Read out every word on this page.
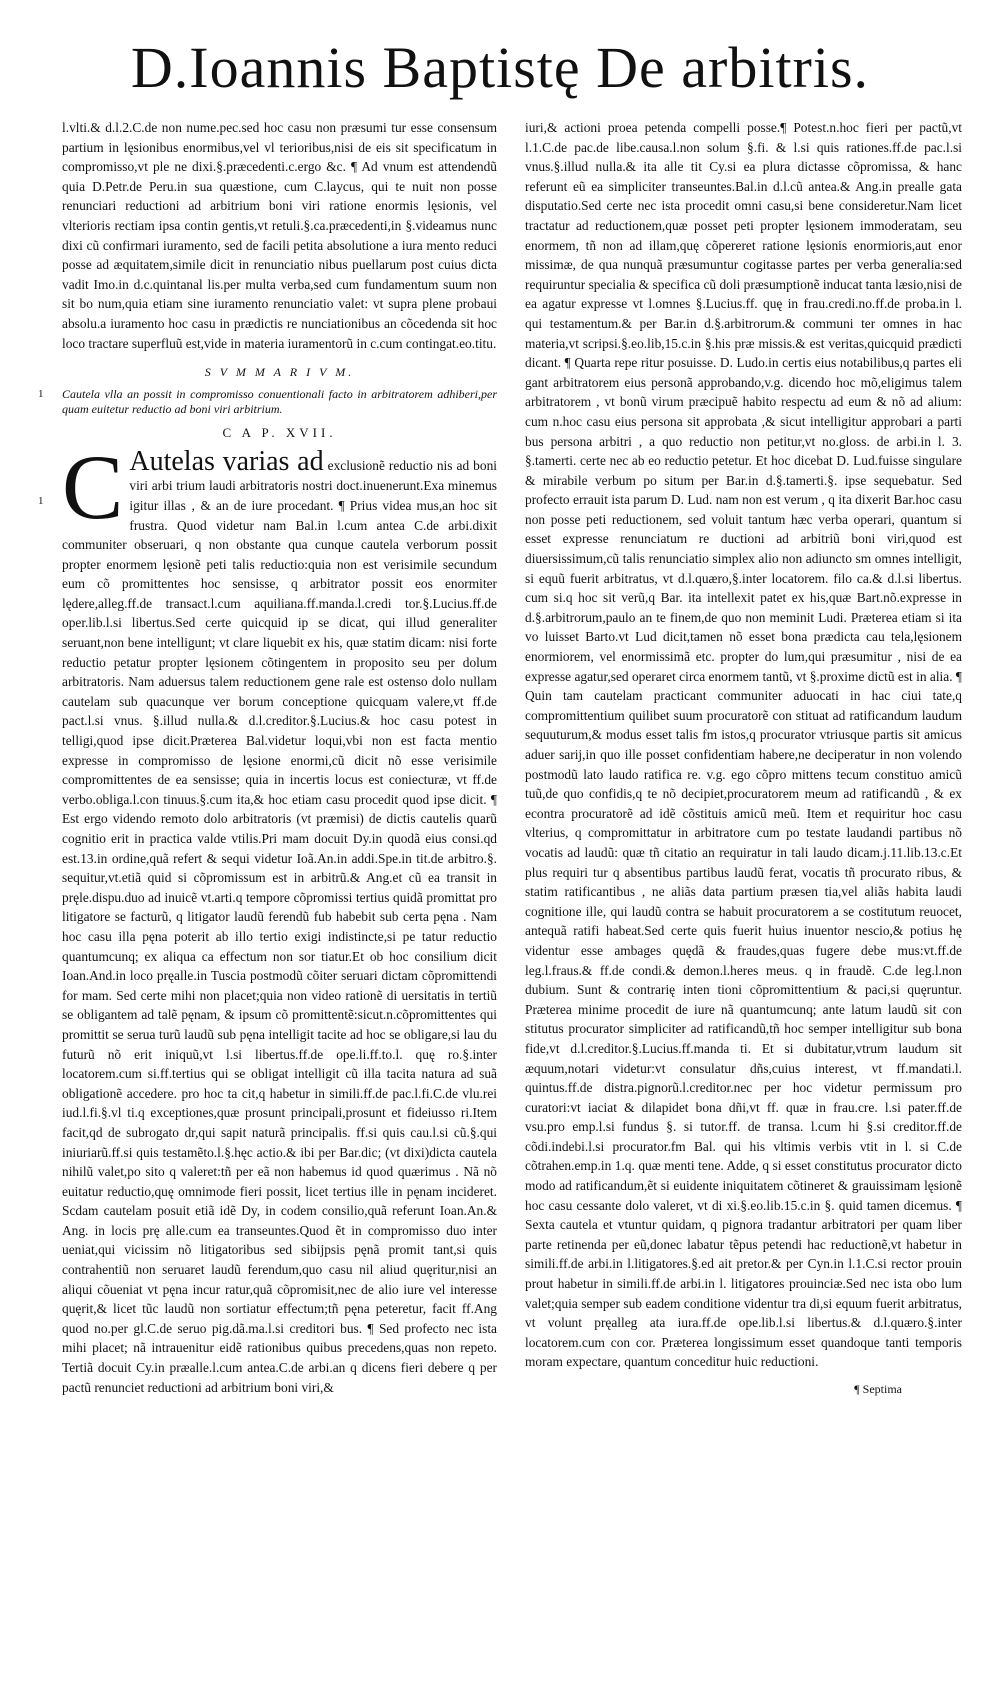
D.Ioannis Baptistę De arbitris.

l.vlti.& d.l.2.C.de non nume.pec.sed hoc casu non præsumi tur esse consensum partium in lęsionibus enormibus,vel vl terioribus,nisi de eis sit specificatum in compromisso,vt ple ne dixi.§.præcedenti.c.ergo &c. ¶ Ad vnum est attendendũ quia D.Petr.de Peru.in sua quæstione, cum C.laycus, qui te nuit non posse renunciari reductioni ad arbitrium boni viri ratione enormis lęsionis, vel vlterioris rectiam ipsa contin gentis,vt retuli.§.ca.præcedenti,in §.videamus nunc dixi cũ confirmari iuramento, sed de facili petita absolutione a iura mento reduci posse ad æquitatem,simile dicit in renunciatio nibus puellarum post cuius dicta vadit Imo.in d.c.quintanal lis.per multa verba,sed cum fundamentum suum non sit bo num,quia etiam sine iuramento renunciatio valet: vt supra plene probaui absolu.a iuramento hoc casu in prædictis re nunciationibus an cõcedenda sit hoc loco tractare superfluũ est,vide in materia iuramentorũ in c.cum contingat.eo.titu.

S V M M A R I V M.
1 Cautela vlla an possit in compromisso conuentionali facto in arbitratorem adhiberi,per quam euitetur reductio ad boni viri arbitrium.
C A P. XVII.

1 C Autelas varias ad exclusionẽ reductio nis ad boni viri arbi trium laudi arbitratoris nostri doct.inuenerunt.Exa minemus igitur illas ‚ & an de iure procedant. ¶ Prius videa mus,an hoc sit frustra. Quod videtur nam Bal.in l.cum antea C.de arbi.dixit communiter obseruari, q non obstante qua cunque cautela verborum possit propter enormem lęsionẽ peti talis reductio:quia non est verisimile secundum eum cõ promittentes hoc sensisse, q arbitrator possit eos enormiter lędere,alleg.ff.de transact.l.cum aquiliana.ff.manda.l.credi tor.§.Lucius.ff.de oper.lib.l.si libertus.Sed certe quicquid ip se dicat, qui illud generaliter seruant,non bene intelligunt; vt clare liquebit ex his, quæ statim dicam: nisi forte reductio petatur propter lęsionem cõtingentem in proposito seu per dolum arbitratoris. Nam aduersus talem reductionem gene rale est ostenso dolo nullam cautelam sub quacunque ver borum conceptione quicquam valere,vt ff.de pact.l.si vnus. §.illud nulla.& d.l.creditor.§.Lucius.& hoc casu potest in telligi,quod ipse dicit.Præterea Bal.videtur loqui,vbi non est facta mentio expresse in compromisso de lęsione enormi,cũ dicit nõ esse verisimile compromittentes de ea sensisse; quia in incertis locus est coniecturæ, vt ff.de verbo.obliga.l.con tinuus.§.cum ita,& hoc etiam casu procedit quod ipse dicit. ¶ Est ergo videndo remoto dolo arbitratoris (vt præmisi) de dictis cautelis quarũ cognitio erit in practica valde vtilis.Pri mam docuit Dy.in quodã eius consi.qd est.13.in ordine,quã refert & sequi videtur Ioã.An.in addi.Spe.in tit.de arbitro.§. sequitur,vt.etiã quid si cõpromissum est in arbitrũ.& Ang.et cũ ea transit in pręle.dispu.duo ad inuicẽ vt.arti.q tempore cõpromissi tertius quidã promittat pro litigatore se facturũ, q litigator laudũ ferendũ fub habebit sub certa pęna . Nam hoc casu illa pęna poterit ab illo tertio exigi indistincte,si pe tatur reductio quantumcunq; ex aliqua ca effectum non sor tiatur.Et ob hoc consilium dicit Ioan.And.in loco pręalle.in Tuscia postmodũ cõiter seruari dictam cõpromittendi for mam. Sed certe mihi non placet;quia non video rationẽ di uersitatis in tertiũ se obligantem ad talẽ pęnam, & ipsum cõ promittentẽ:sicut.n.cõpromittentes qui promittit se serua turũ laudũ sub pęna intelligit tacite ad hoc se obligare,si lau du futurũ nõ erit iniquũ,vt l.si libertus.ff.de ope.li.ff.to.l. quę ro.§.inter locatorem.cum si.ff.tertius qui se obligat intelligit cũ illa tacita natura ad suã obligationẽ accedere. pro hoc ta cit,q habetur in simili.ff.de pac.l.fi.C.de vlu.rei iud.l.fi.§.vl ti.q exceptiones,quæ prosunt principali,prosunt et fideiusso ri.Item facit,qd de subrogato dr,qui sapit naturã principalis. ff.si quis cau.l.si cũ.§.qui iniuriarũ.ff.si quis testamẽto.l.§.hęc actio.& ibi per Bar.dic; (vt dixi)dicta cautela nihilũ valet,po sito q valeret:tñ per eã non habemus id quod quærimus . Nã nõ euitatur reductio,quę omnimode fieri possit, licet tertius ille in pęnam incideret. Scdam cautelam posuit etiã idẽ Dy, in codem consilio,quã referunt Ioan.An.& Ang. in locis prę alle.cum ea transeuntes.Quod ẽt in compromisso duo inter ueniat,qui vicissim nõ litigatoribus sed sibijpsis pęnã promit tant,si quis contrahentiũ non seruaret laudũ ferendum,quo casu nil aliud quęritur,nisi an aliqui cõueniat vt pęna incur ratur,quã cõpromisit,nec de alio iure vel interesse quęrit,& licet tũc laudũ non sortiatur effectum;tñ pęna peteretur, facit ff.Ang quod no.per gl.C.de seruo pig.dã.ma.l.si creditori bus. ¶ Sed profecto nec ista mihi placet; nã intrauenitur eidẽ rationibus quibus precedens,quas non repeto. Tertiã docuit Cy.in præalle.l.cum antea.C.de arbi.an q dicens fieri debere q per pactũ renunciet reductioni ad arbitrium boni viri,&

iuri,& actioni proea petenda compelli posse.¶ Potest.n.hoc fieri per pactũ,vt l.1.C.de pac.de libe.causa.l.non solum §.fi. & l.si quis rationes.ff.de pac.l.si vnus.§.illud nulla.& ita alle tit Cy.si ea plura dictasse cõpromissa, & hanc referunt eũ ea simpliciter transeuntes.Bal.in d.l.cũ antea.& Ang.in prealle gata disputatio.Sed certe nec ista procedit omni casu,si bene consideretur.Nam licet tractatur ad reductionem,quæ posset peti propter lęsionem immoderatam, seu enormem, tñ non ad illam,quę cõpereret ratione lęsionis enormioris,aut enor missimæ, de qua nunquã præsumuntur cogitasse partes per verba generalia:sed requiruntur specialia & specifica cũ doli præsumptionẽ inducat tanta læsio,nisi de ea agatur expresse vt l.omnes §.Lucius.ff. quę in frau.credi.no.ff.de proba.in l. qui testamentum.& per Bar.in d.§.arbitrorum.& communi ter omnes in hac materia,vt scripsi.§.eo.lib,15.c.in §.his præ missis.& est veritas,quicquid prædicti dicant. ¶ Quarta repe ritur posuisse. D. Ludo.in certis eius notabilibus,q partes eli gant arbitratorem eius personã approbando,v.g. dicendo hoc mõ,eligimus talem arbitratorem , vt bonũ virum præcipuẽ habito respectu ad eum & nõ ad alium: cum n.hoc casu eius persona sit approbata ,& sicut intelligitur approbari a parti bus persona arbitri , a quo reductio non petitur,vt no.gloss. de arbi.in l. 3. §.tamerti. certe nec ab eo reductio petetur. Et hoc dicebat D. Lud.fuisse singulare & mirabile verbum po situm per Bar.in d.§.tamerti.§. ipse sequebatur. Sed profecto errauit ista parum D. Lud. nam non est verum , q ita dixerit Bar.hoc casu non posse peti reductionem, sed voluit tantum hæc verba operari, quantum si esset expresse renunciatum re ductioni ad arbitriũ boni viri,quod est diuersissimum,cũ talis renunciatio simplex alio non adiuncto sm omnes intelligit, si equũ fuerit arbitratus, vt d.l.quæro,§.inter locatorem. filo ca.& d.l.si libertus. cum si.q hoc sit verũ,q Bar. ita intellexit patet ex his,quæ Bart.nõ.expresse in d.§.arbitrorum,paulo an te finem,de quo non meminit Ludi. Præterea etiam si ita vo luisset Barto.vt Lud dicit,tamen nõ esset bona prædicta cau tela,lęsionem enormiorem, vel enormissimã etc. propter do lum,qui præsumitur , nisi de ea expresse agatur,sed operaret circa enormem tantũ, vt §.proxime dictũ est in alia. ¶ Quin tam cautelam practicant communiter aduocati in hac ciui tate,q compromittentium quilibet suum procuratorẽ con stituat ad ratificandum laudum sequuturum,& modus esset talis fm istos,q procurator vtriusque partis sit amicus aduer sarij,in quo ille posset confidentiam habere,ne deciperatur in non volendo postmodũ lato laudo ratifica re. v.g. ego cõpro mittens tecum constituo amicũ tuũ,de quo confidis,q te nõ decipiet,procuratorem meum ad ratificandũ , & ex econtra procuratorẽ ad idẽ cõstituis amicũ meũ. Item et requiritur hoc casu vlterius, q compromittatur in arbitratore cum po testate laudandi partibus nõ vocatis ad laudũ: quæ tñ citatio an requiratur in tali laudo dicam.j.11.lib.13.c.Et plus requiri tur q absentibus partibus laudũ ferat, vocatis tñ procurato ribus, & statim ratificantibus , ne aliãs data partium præsen tia,vel aliãs habita laudi cognitione ille, qui laudũ contra se habuit procuratorem a se costitutum reuocet, antequã ratifi habeat.Sed certe quis fuerit huius inuentor nescio,& potius hę videntur esse ambages quędã & fraudes,quas fugere debe mus:vt.ff.de leg.l.fraus.& ff.de condi.& demon.l.heres meus. q in fraudẽ. C.de leg.l.non dubium. Sunt & contrarię inten tioni cõpromittentium & paci,si quęruntur. Præterea minime procedit de iure nã quantumcunq; ante latum laudũ sit con stitutus procurator simpliciter ad ratificandũ,tñ hoc semper intelligitur sub bona fide,vt d.l.creditor.§.Lucius.ff.manda ti. Et si dubitatur,vtrum laudum sit æquum,notari videtur:vt consulatur dñs,cuius interest, vt ff.mandati.l. quintus.ff.de distra.pignorũ.l.creditor.nec per hoc videtur permissum pro curatori:vt iaciat & dilapidet bona dñi,vt ff. quæ in frau.cre. l.si pater.ff.de vsu.pro emp.l.si fundus §. si tutor.ff. de transa. l.cum hi §.si creditor.ff.de cõdi.indebi.l.si procurator.fm Bal. qui his vltimis verbis vtit in l. si C.de cõtrahen.emp.in 1.q. quæ menti tene. Adde, q si esset constitutus procurator dicto modo ad ratificandum,ẽt si euidente iniquitatem cõtineret & grauissimam lęsionẽ hoc casu cessante dolo valeret, vt di xi.§.eo.lib.15.c.in §. quid tamen dicemus. ¶ Sexta cautela et vtuntur quidam, q pignora tradantur arbitratori per quam liber parte retinenda per eũ,donec labatur tẽpus petendi hac reductionẽ,vt habetur in simili.ff.de arbi.in l.litigatores.§.ed ait pretor.& per Cyn.in l.1.C.si rector prouin prout habetur in simili.ff.de arbi.in l. litigatores prouinciæ.Sed nec ista obo lum valet;quia semper sub eadem conditione videntur tra di,si equum fuerit arbitratus, vt volunt pręalleg ata iura.ff.de ope.lib.l.si libertus.& d.l.quæro.§.inter locatorem.cum con cor. Præterea longissimum esset quandoque tanti temporis moram expectare, quantum conceditur huic reductioni.

¶ Septima
